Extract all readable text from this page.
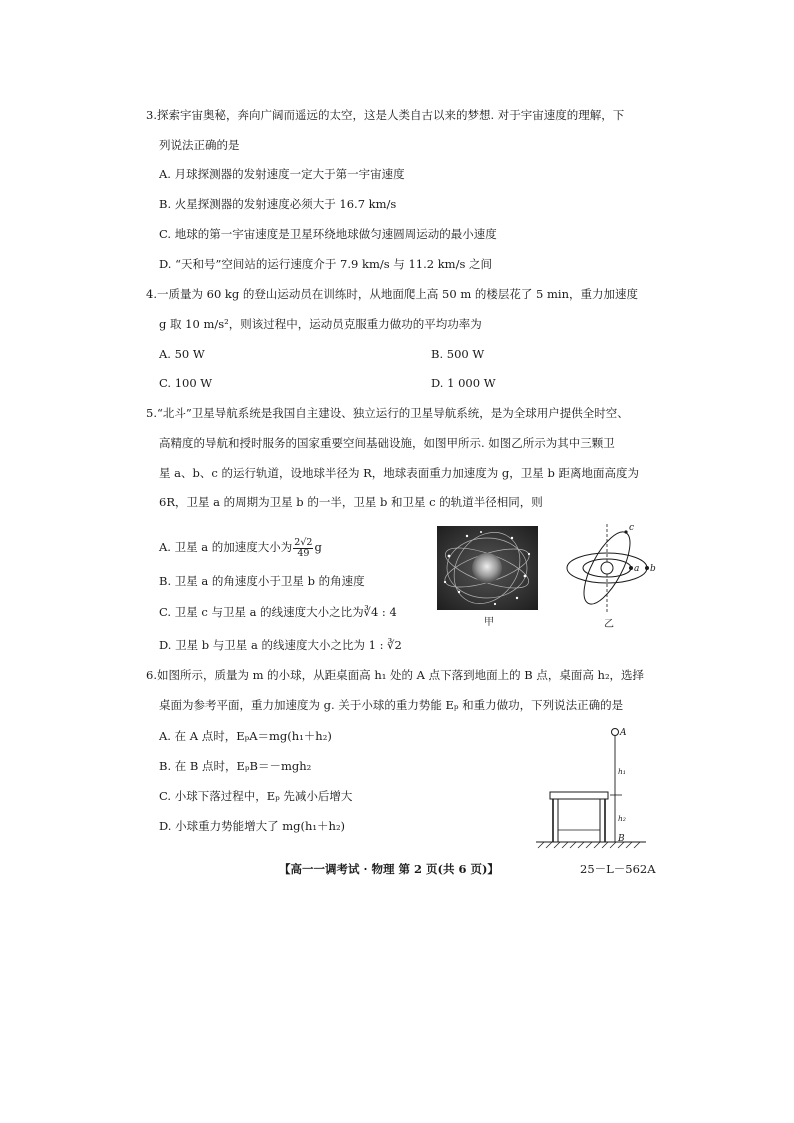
3.探索宇宙奥秘，奔向广阔而遥远的太空，这是人类自古以来的梦想. 对于宇宙速度的理解，下
列说法正确的是
A. 月球探测器的发射速度一定大于第一宇宙速度
B. 火星探测器的发射速度必须大于 16.7 km/s
C. 地球的第一宇宙速度是卫星环绕地球做匀速圆周运动的最小速度
D. “天和号”空间站的运行速度介于 7.9 km/s 与 11.2 km/s 之间
4.一质量为 60 kg 的登山运动员在训练时，从地面爬上高 50 m 的楼层花了 5 min，重力加速度
g 取 10 m/s²，则该过程中，运动员克服重力做功的平均功率为
A. 50 W	B. 500 W
C. 100 W	D. 1 000 W
5.“北斗”卫星导航系统是我国自主建设、独立运行的卫星导航系统，是为全球用户提供全时空、
高精度的导航和授时服务的国家重要空间基础设施，如图甲所示. 如图乙所示为其中三颗卫
星 a、b、c 的运行轨道，设地球半径为 R，地球表面重力加速度为 g，卫星 b 距离地面高度为
6R，卫星 a 的周期为卫星 b 的一半，卫星 b 和卫星 c 的轨道半径相同，则
A. 卫星 a 的加速度大小为 $\frac{2√2}{49}$ g
B. 卫星 a 的角速度小于卫星 b 的角速度
C. 卫星 c 与卫星 a 的线速度大小之比为∛4 : 4
D. 卫星 b 与卫星 a 的线速度大小之比为 1 : ∛2
甲
a b
c
乙
6.如图所示，质量为 m 的小球，从距桌面高 h₁ 处的 A 点下落到地面上的 B 点，桌面高 h₂，选择
桌面为参考平面，重力加速度为 g. 关于小球的重力势能 Eₚ 和重力做功，下列说法正确的是
A. 在 A 点时，EₚA＝mg(h₁＋h₂)
B. 在 B 点时，EₚB＝－mgh₂
C. 小球下落过程中，Eₚ 先减小后增大
D. 小球重力势能增大了 mg(h₁＋h₂)
A
h₁
h₂
B
【高一一调考试 · 物理 第 2 页(共 6 页)】	25－L－562A
